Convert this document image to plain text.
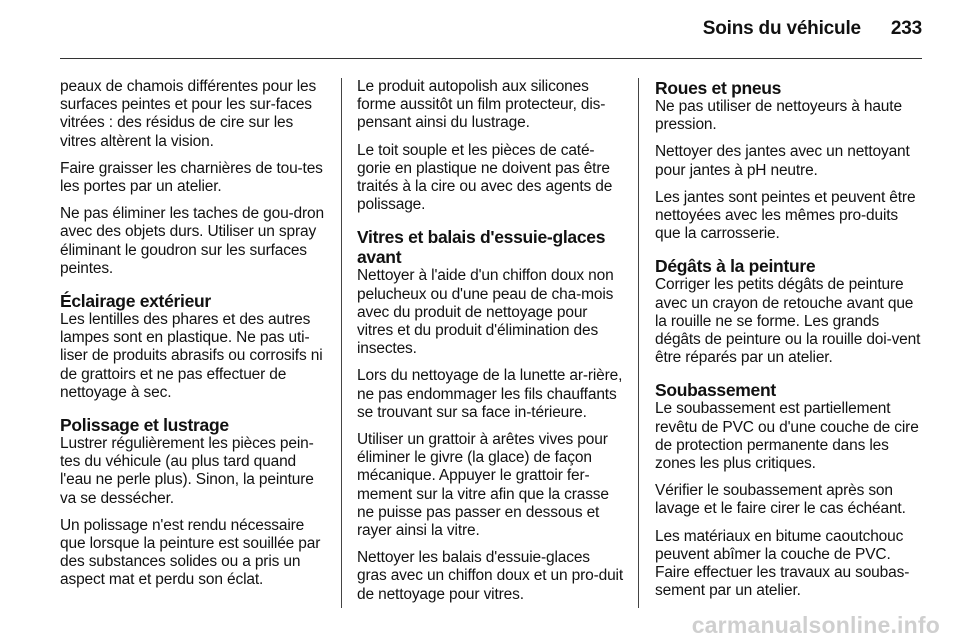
Soins du véhicule 233

peaux de chamois différentes pour les surfaces peintes et pour les sur-faces vitrées : des résidus de cire sur les vitres altèrent la vision.

Faire graisser les charnières de tou-tes les portes par un atelier.

Ne pas éliminer les taches de gou-dron avec des objets durs. Utiliser un spray éliminant le goudron sur les surfaces peintes.

Éclairage extérieur

Les lentilles des phares et des autres lampes sont en plastique. Ne pas uti-liser de produits abrasifs ou corrosifs ni de grattoirs et ne pas effectuer de nettoyage à sec.

Polissage et lustrage

Lustrer régulièrement les pièces pein-tes du véhicule (au plus tard quand l'eau ne perle plus). Sinon, la peinture va se dessécher.

Un polissage n'est rendu nécessaire que lorsque la peinture est souillée par des substances solides ou a pris un aspect mat et perdu son éclat.

Le produit autopolish aux silicones forme aussitôt un film protecteur, dis-pensant ainsi du lustrage.

Le toit souple et les pièces de caté-gorie en plastique ne doivent pas être traités à la cire ou avec des agents de polissage.

Vitres et balais d'essuie-glaces avant

Nettoyer à l'aide d'un chiffon doux non pelucheux ou d'une peau de cha-mois avec du produit de nettoyage pour vitres et du produit d'élimination des insectes.

Lors du nettoyage de la lunette ar-rière, ne pas endommager les fils chauffants se trouvant sur sa face in-térieure.

Utiliser un grattoir à arêtes vives pour éliminer le givre (la glace) de façon mécanique. Appuyer le grattoir fer-mement sur la vitre afin que la crasse ne puisse pas passer en dessous et rayer ainsi la vitre.

Nettoyer les balais d'essuie-glaces gras avec un chiffon doux et un pro-duit de nettoyage pour vitres.

Roues et pneus

Ne pas utiliser de nettoyeurs à haute pression.

Nettoyer des jantes avec un nettoyant pour jantes à pH neutre.

Les jantes sont peintes et peuvent être nettoyées avec les mêmes pro-duits que la carrosserie.

Dégâts à la peinture

Corriger les petits dégâts de peinture avec un crayon de retouche avant que la rouille ne se forme. Les grands dégâts de peinture ou la rouille doi-vent être réparés par un atelier.

Soubassement

Le soubassement est partiellement revêtu de PVC ou d'une couche de cire de protection permanente dans les zones les plus critiques.

Vérifier le soubassement après son lavage et le faire cirer le cas échéant.

Les matériaux en bitume caoutchouc peuvent abîmer la couche de PVC. Faire effectuer les travaux au soubas-sement par un atelier.

carmanualsonline.info
